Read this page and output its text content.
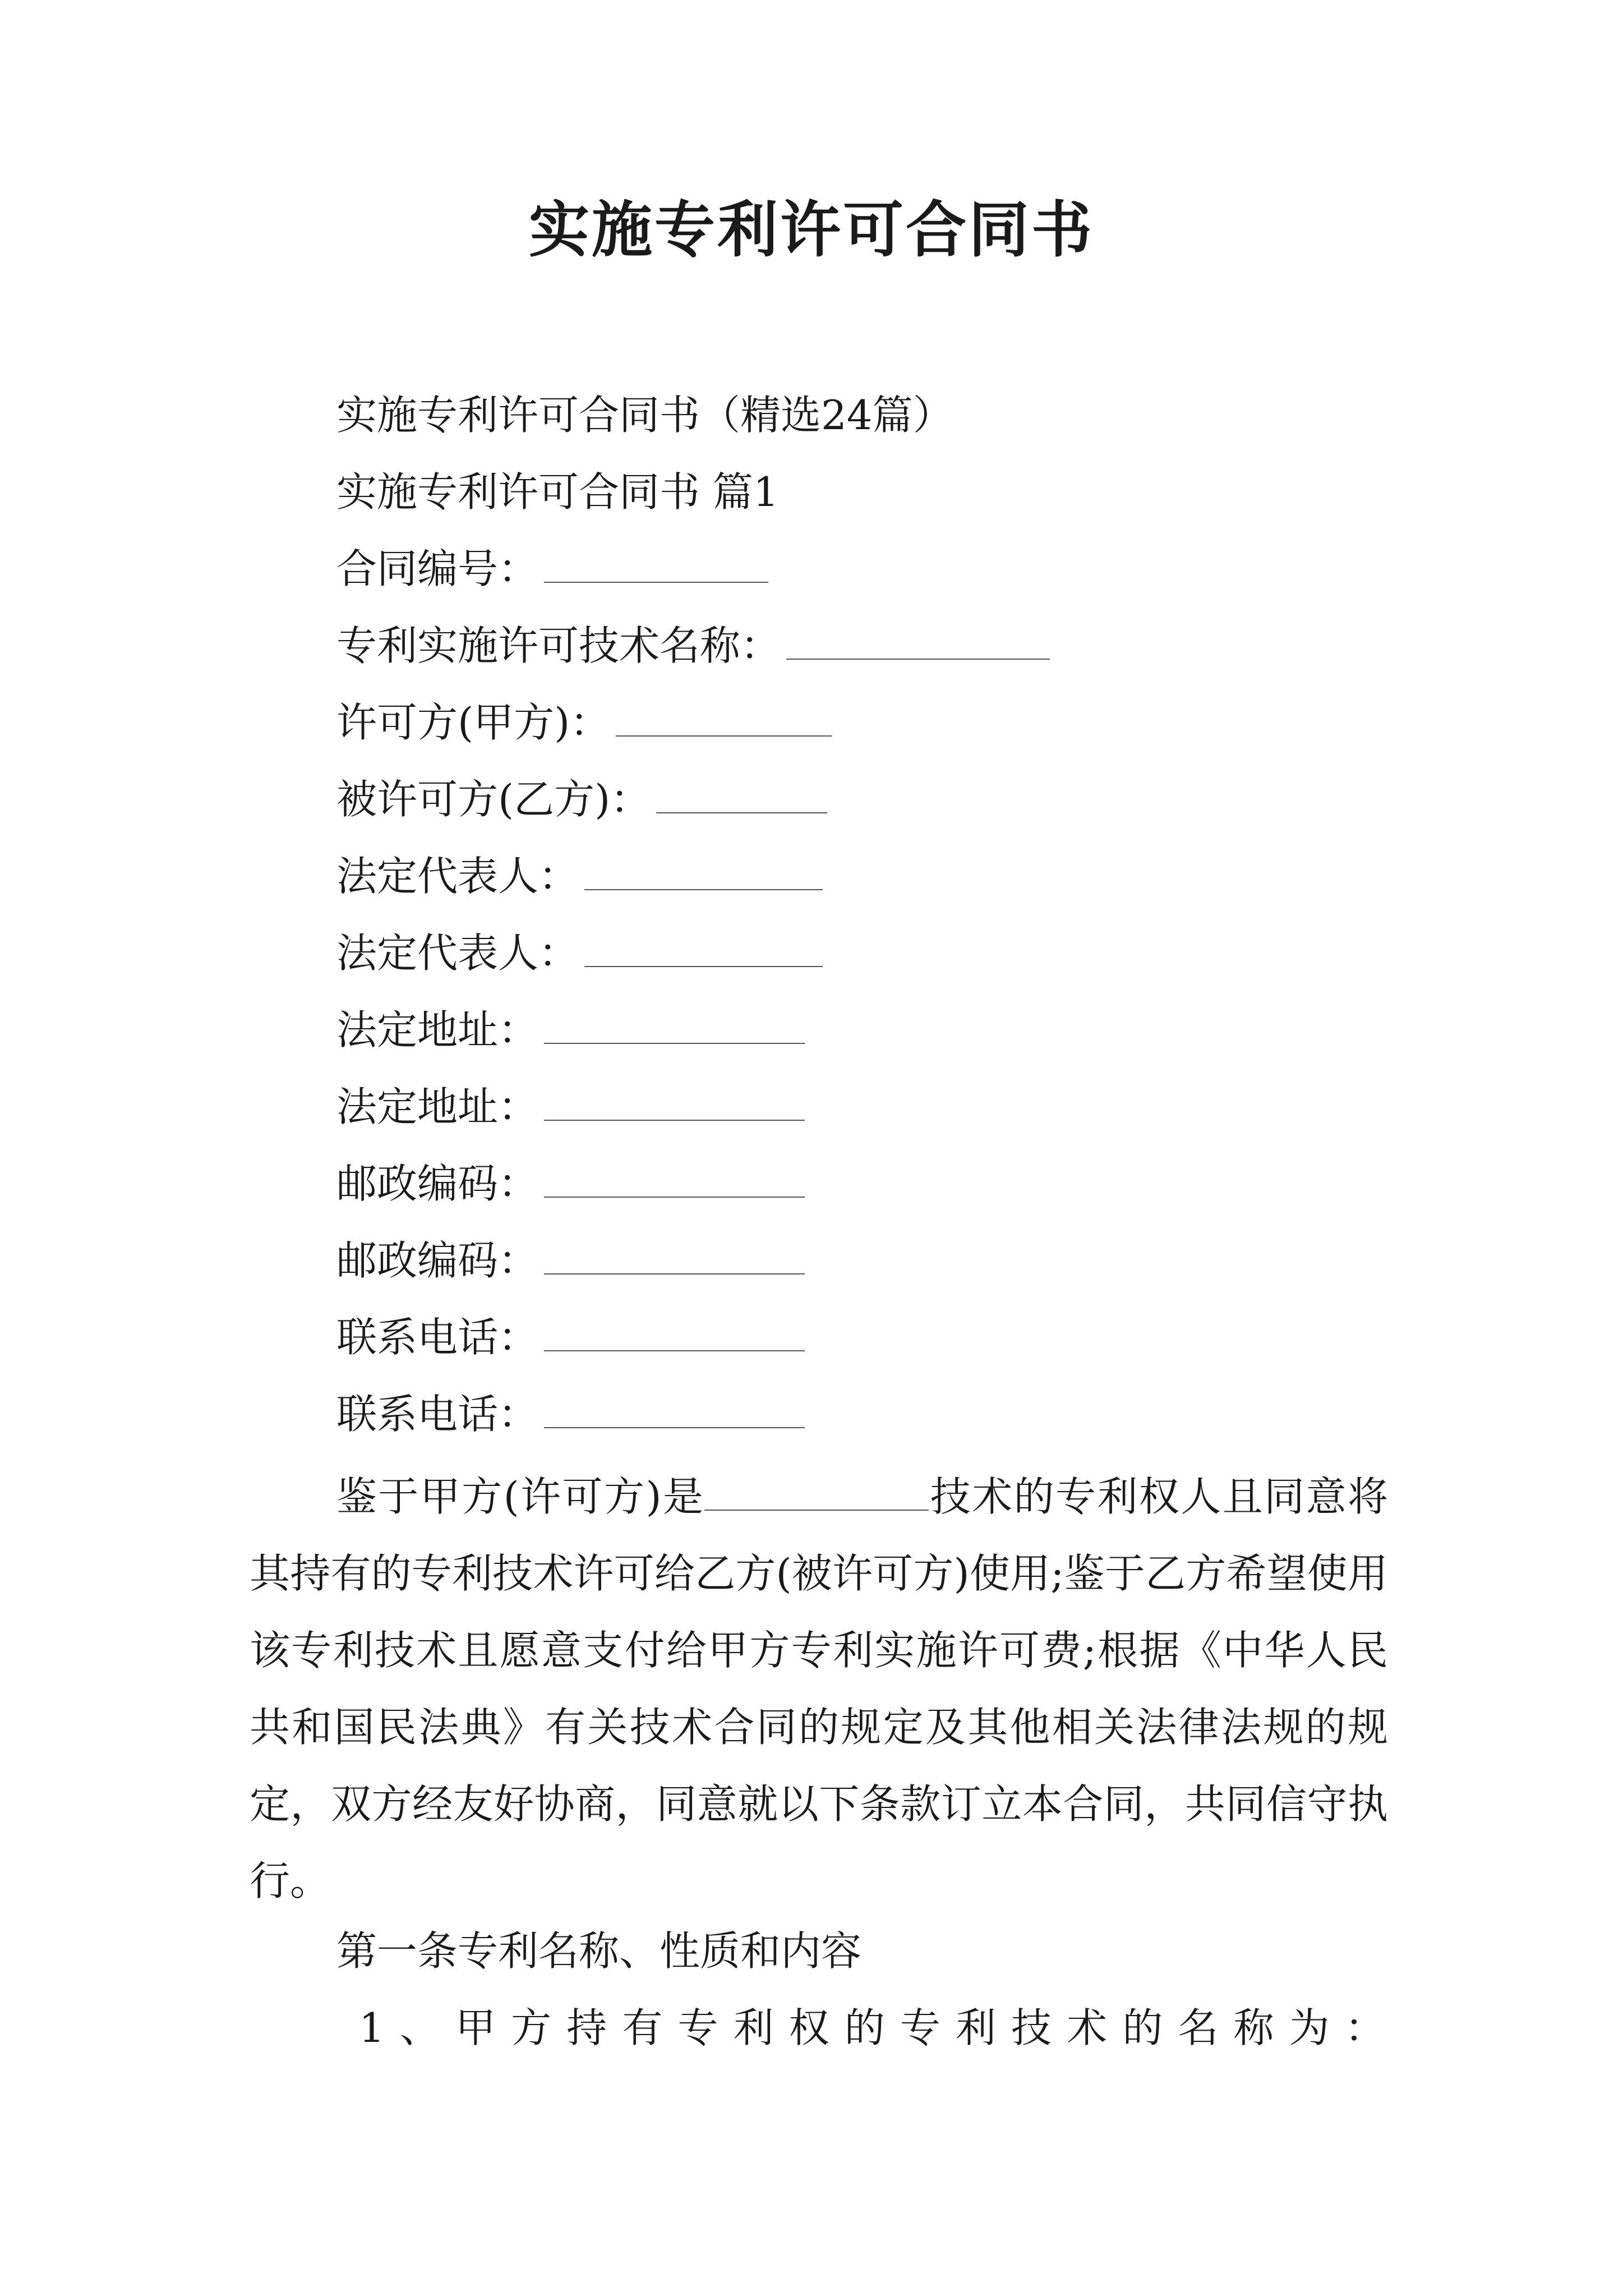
实施专利许可合同书
实施专利许可合同书（精选24篇）
实施专利许可合同书 篇1
合同编号：
专利实施许可技术名称：
许可方(甲方)：
被许可方(乙方)：
法定代表人：
法定代表人：
法定地址：
法定地址：
邮政编码：
邮政编码：
联系电话：
联系电话：
鉴于甲方(许可方)是	技术的专利权人且同意将其持有的专利技术许可给乙方(被许可方)使用;鉴于乙方希望使用该专利技术且愿意支付给甲方专利实施许可费;根据《中华人民共和国民法典》有关技术合同的规定及其他相关法律法规的规定，双方经友好协商，同意就以下条款订立本合同，共同信守执行。
第一条专利名称、性质和内容
1 、 甲 方 持 有 专 利 权 的 专 利 技 术 的 名 称 为 ：
